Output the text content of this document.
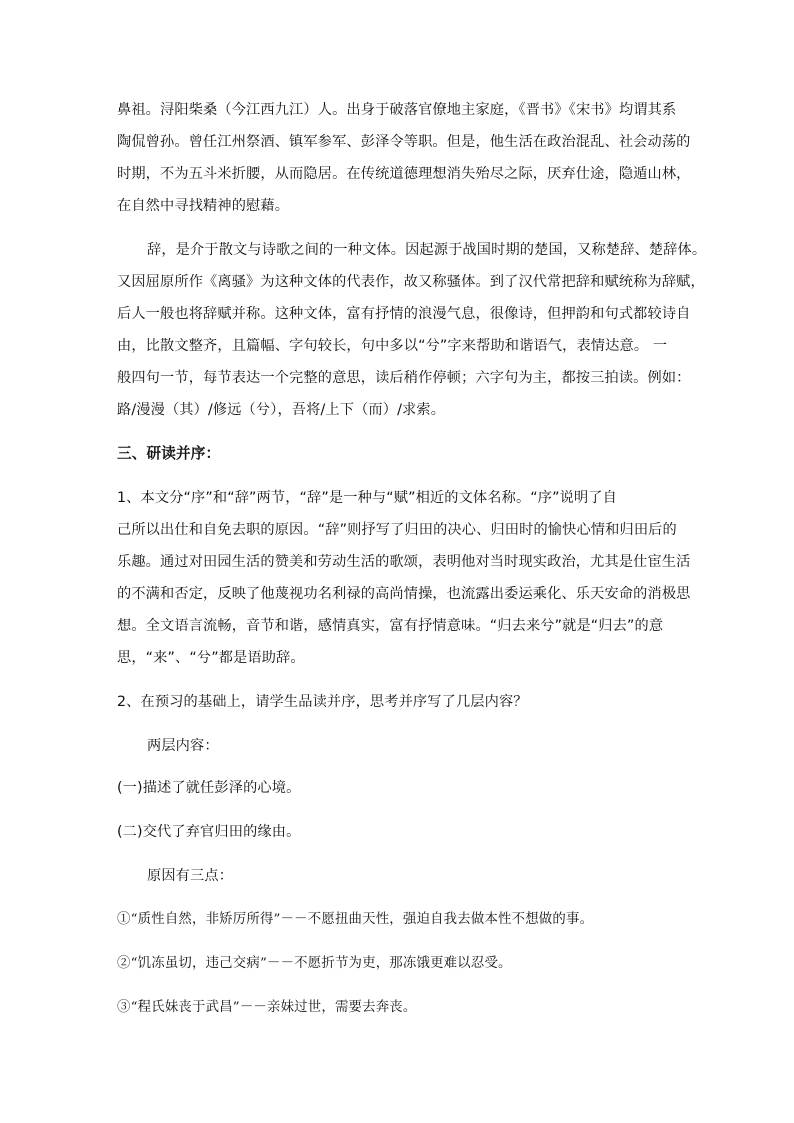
鼻祖。浔阳柴桑（今江西九江）人。出身于破落官僚地主家庭，《晋书》《宋书》均谓其系
陶侃曾孙。曾任江州祭酒、镇军参军、彭泽令等职。但是，他生活在政治混乱、社会动荡的
时期，不为五斗米折腰，从而隐居。在传统道德理想消失殆尽之际，厌弃仕途，隐遁山林，
在自然中寻找精神的慰藉。
辞，是介于散文与诗歌之间的一种文体。因起源于战国时期的楚国，又称楚辞、楚辞体。
又因屈原所作《离骚》为这种文体的代表作，故又称骚体。到了汉代常把辞和赋统称为辞赋，
后人一般也将辞赋并称。这种文体，富有抒情的浪漫气息，很像诗，但押韵和句式都较诗自
由，比散文整齐，且篇幅、字句较长，句中多以“兮”字来帮助和谐语气，表情达意。 一
般四句一节，每节表达一个完整的意思，读后稍作停顿；六字句为主，都按三拍读。例如：
路/漫漫（其）/修远（兮），吾将/上下（而）/求索。
三、研读并序：
1、本文分“序”和“辞”两节，“辞”是一种与“赋”相近的文体名称。“序”说明了自
己所以出仕和自免去职的原因。“辞”则抒写了归田的决心、归田时的愉快心情和归田后的
乐趣。通过对田园生活的赞美和劳动生活的歌颂，表明他对当时现实政治，尤其是仕宦生活
的不满和否定，反映了他蔑视功名利禄的高尚情操，也流露出委运乘化、乐天安命的消极思
想。全文语言流畅，音节和谐，感情真实，富有抒情意味。“归去来兮”就是“归去”的意
思，“来”、“兮”都是语助辞。
2、在预习的基础上，请学生品读并序，思考并序写了几层内容？
两层内容：
(一)描述了就任彭泽的心境。
(二)交代了弃官归田的缘由。
原因有三点：
①“质性自然，非矫厉所得”－－不愿扭曲天性，强迫自我去做本性不想做的事。
②“饥冻虽切，违己交病”－－不愿折节为吏，那冻饿更难以忍受。
③“程氏妹丧于武昌”－－亲妹过世，需要去奔丧。
